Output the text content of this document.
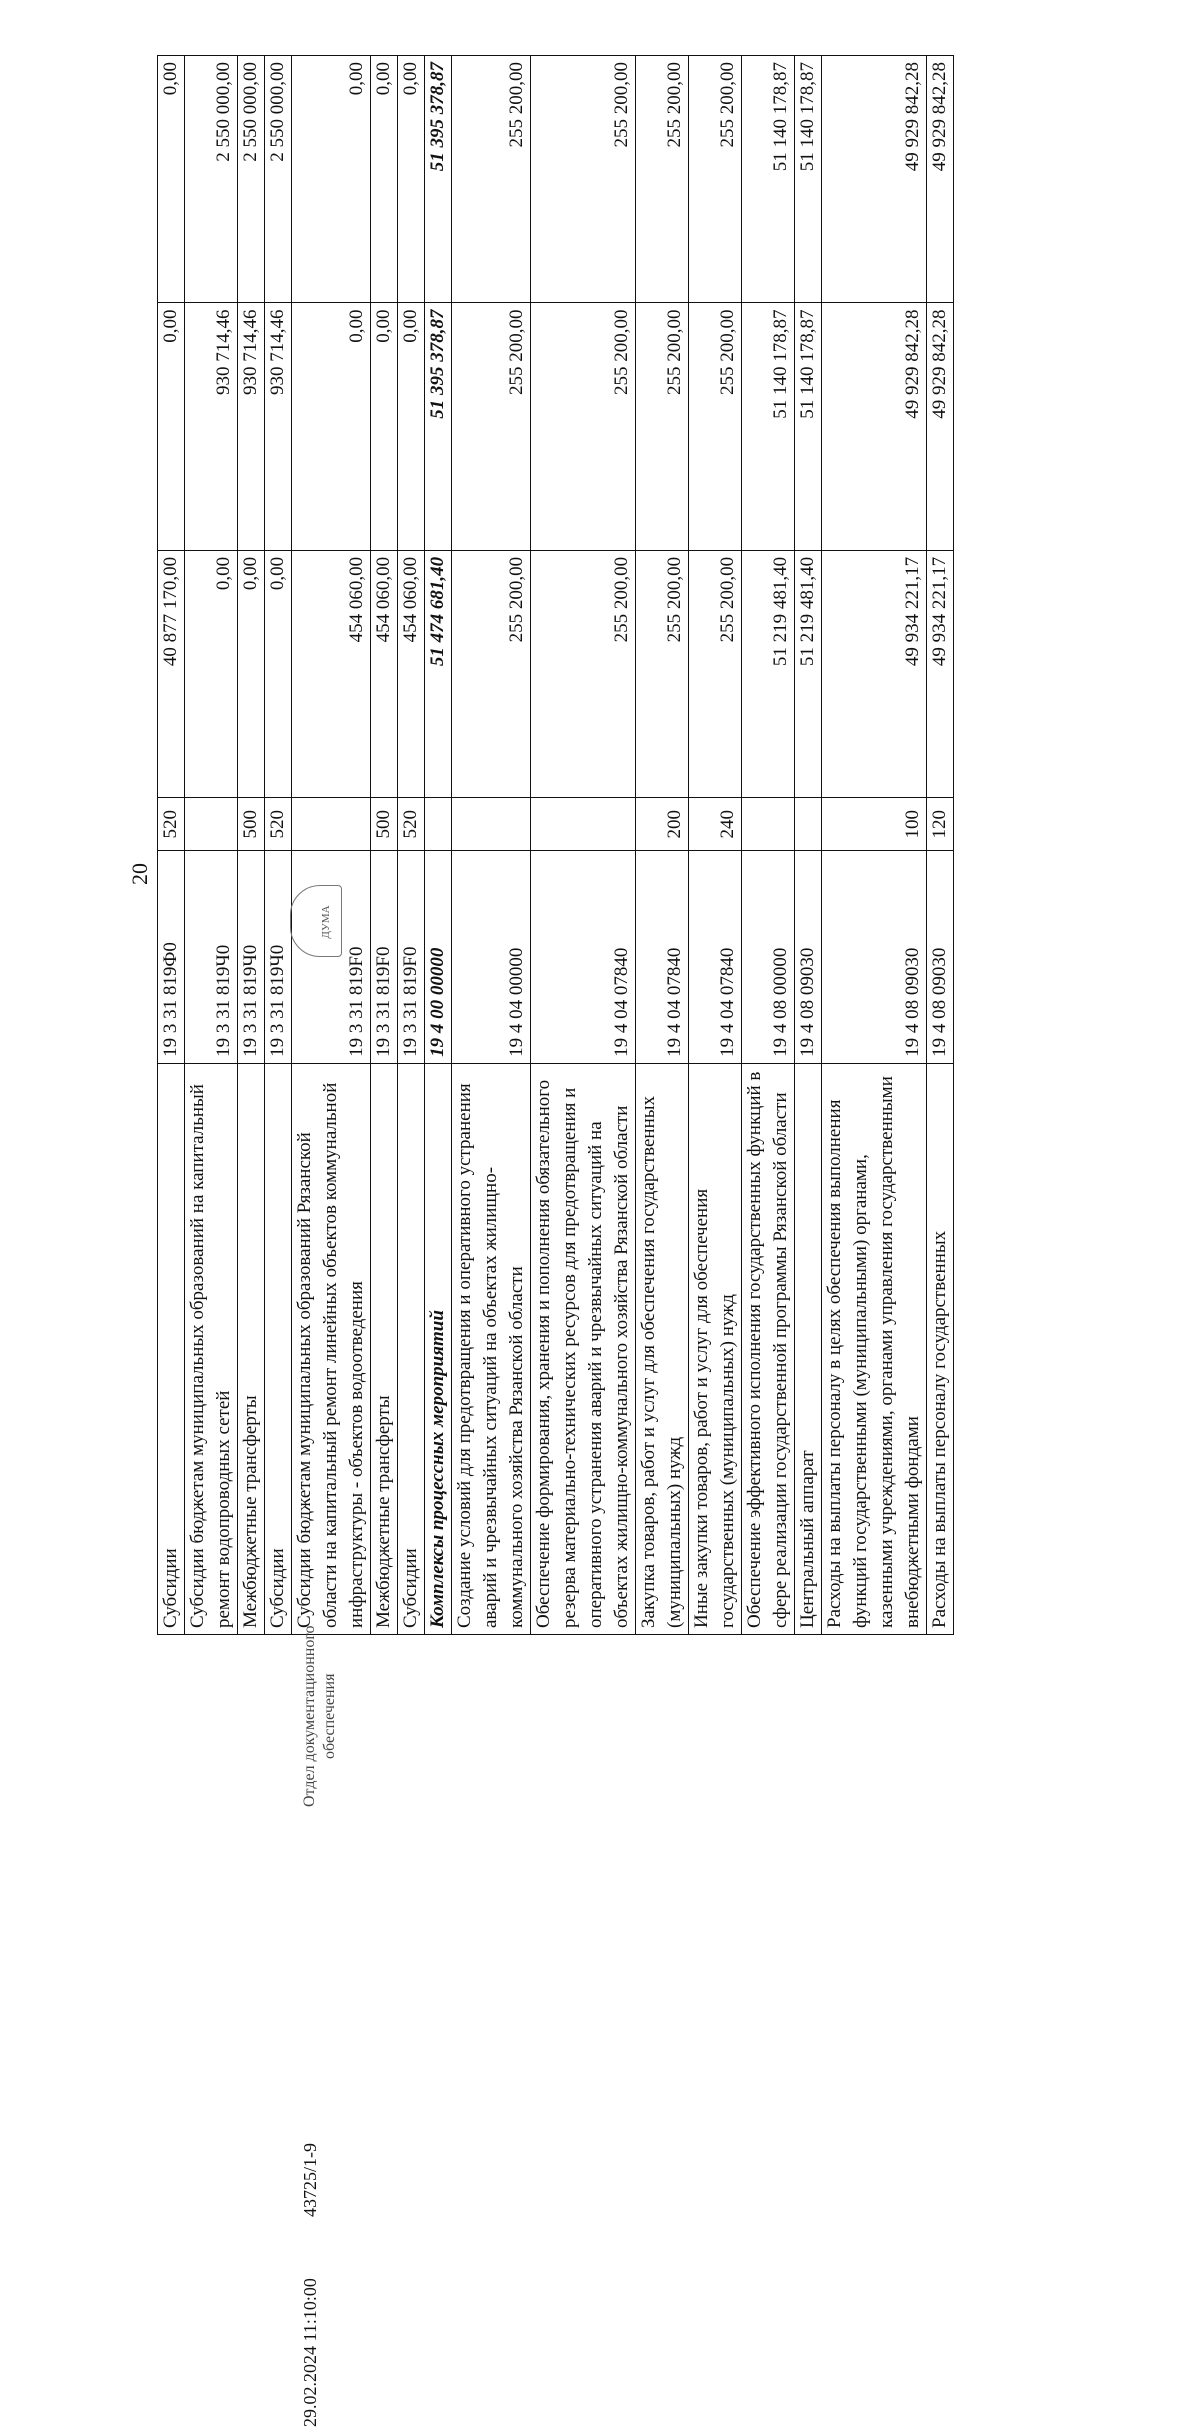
20
Субсидии	19 3 31 819Ф0	520	40 877 170,00	0,00	0,00
Субсидии бюджетам муниципальных образований на капитальный ремонт водопроводных сетей	19 3 31 819Ч0		0,00	930 714,46	2 550 000,00
Межбюджетные трансферты	19 3 31 819Ч0	500	0,00	930 714,46	2 550 000,00
Субсидии	19 3 31 819Ч0	520	0,00	930 714,46	2 550 000,00
Субсидии бюджетам муниципальных образований Рязанской области на капитальный ремонт линейных объектов коммунальной инфраструктуры - объектов водоотведения	19 3 31 819F0		454 060,00	0,00	0,00
Межбюджетные трансферты	19 3 31 819F0	500	454 060,00	0,00	0,00
Субсидии	19 3 31 819F0	520	454 060,00	0,00	0,00
Комплексы процессных мероприятий	19 4 00 00000		51 474 681,40	51 395 378,87	51 395 378,87
Создание условий для предотвращения и оперативного устранения аварий и чрезвычайных ситуаций на объектах жилищно-коммунального хозяйства Рязанской области	19 4 04 00000		255 200,00	255 200,00	255 200,00
Обеспечение формирования, хранения и пополнения обязательного резерва материально-технических ресурсов для предотвращения и оперативного устранения аварий и чрезвычайных ситуаций на объектах жилищно-коммунального хозяйства Рязанской области	19 4 04 07840		255 200,00	255 200,00	255 200,00
Закупка товаров, работ и услуг для обеспечения государственных (муниципальных) нужд	19 4 04 07840	200	255 200,00	255 200,00	255 200,00
Иные закупки товаров, работ и услуг для обеспечения государственных (муниципальных) нужд	19 4 04 07840	240	255 200,00	255 200,00	255 200,00
Обеспечение эффективного исполнения государственных функций в сфере реализации государственной программы Рязанской области	19 4 08 00000		51 219 481,40	51 140 178,87	51 140 178,87
Центральный аппарат	19 4 08 09030		51 219 481,40	51 140 178,87	51 140 178,87
Расходы на выплаты персоналу в целях обеспечения выполнения функций государственными (муниципальными) органами, казенными учреждениями, органами управления государственными внебюджетными фондами	19 4 08 09030	100	49 934 221,17	49 929 842,28	49 929 842,28
Расходы на выплаты персоналу государственных	19 4 08 09030	120	49 934 221,17	49 929 842,28	49 929 842,28
29.02.2024 11:10:00
43725/1-9
Отдел документационного обеспечения
ДУМА
